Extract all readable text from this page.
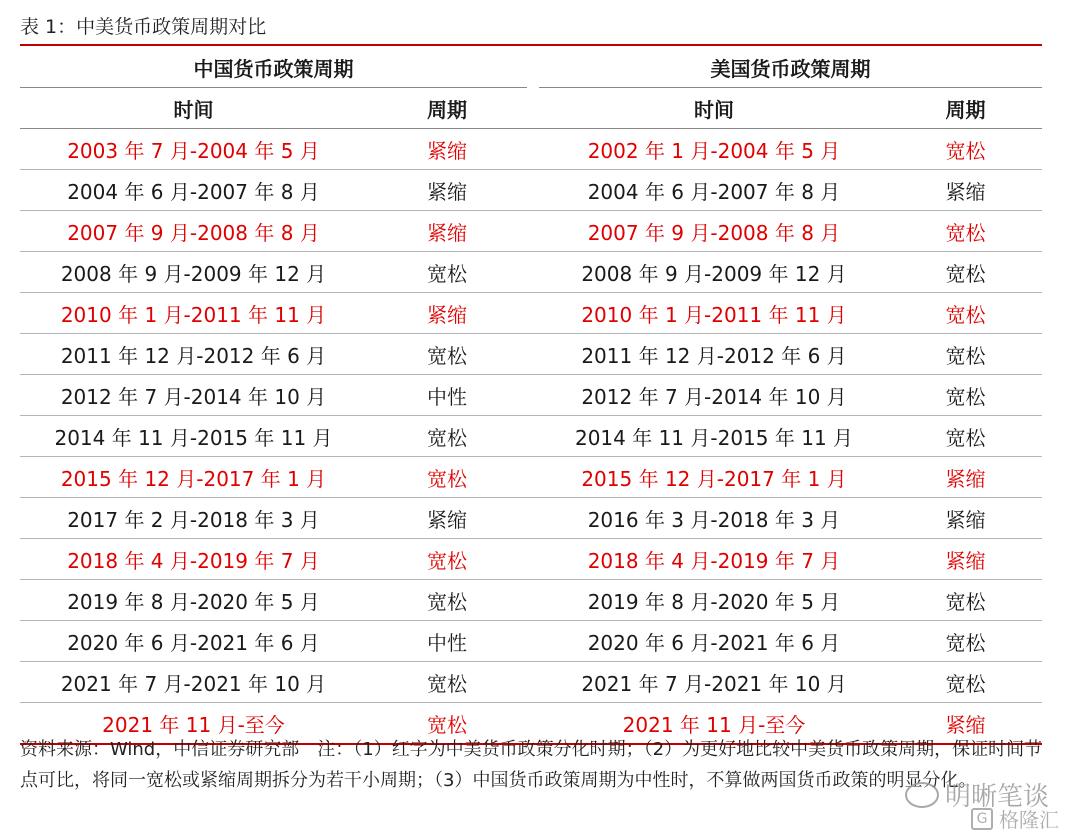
表 1：中美货币政策周期对比
中国货币政策周期			美国货币政策周期	
时间	周期		时间	周期
2003 年 7 月-2004 年 5 月	紧缩		2002 年 1 月-2004 年 5 月	宽松
2004 年 6 月-2007 年 8 月	紧缩		2004 年 6 月-2007 年 8 月	紧缩
2007 年 9 月-2008 年 8 月	紧缩		2007 年 9 月-2008 年 8 月	宽松
2008 年 9 月-2009 年 12 月	宽松		2008 年 9 月-2009 年 12 月	宽松
2010 年 1 月-2011 年 11 月	紧缩		2010 年 1 月-2011 年 11 月	宽松
2011 年 12 月-2012 年 6 月	宽松		2011 年 12 月-2012 年 6 月	宽松
2012 年 7 月-2014 年 10 月	中性		2012 年 7 月-2014 年 10 月	宽松
2014 年 11 月-2015 年 11 月	宽松		2014 年 11 月-2015 年 11 月	宽松
2015 年 12 月-2017 年 1 月	宽松		2015 年 12 月-2017 年 1 月	紧缩
2017 年 2 月-2018 年 3 月	紧缩		2016 年 3 月-2018 年 3 月	紧缩
2018 年 4 月-2019 年 7 月	宽松		2018 年 4 月-2019 年 7 月	紧缩
2019 年 8 月-2020 年 5 月	宽松		2019 年 8 月-2020 年 5 月	宽松
2020 年 6 月-2021 年 6 月	中性		2020 年 6 月-2021 年 6 月	宽松
2021 年 7 月-2021 年 10 月	宽松		2021 年 7 月-2021 年 10 月	宽松
2021 年 11 月-至今	宽松		2021 年 11 月-至今	紧缩
资料来源：Wind，中信证券研究部　注：（1）红字为中美货币政策分化时期；（2）为更好地比较中美货币政策周期，保证时间节点可比，将同一宽松或紧缩周期拆分为若干小周期；（3）中国货币政策周期为中性时，不算做两国货币政策的明显分化。
明晰笔谈
G 格隆汇
